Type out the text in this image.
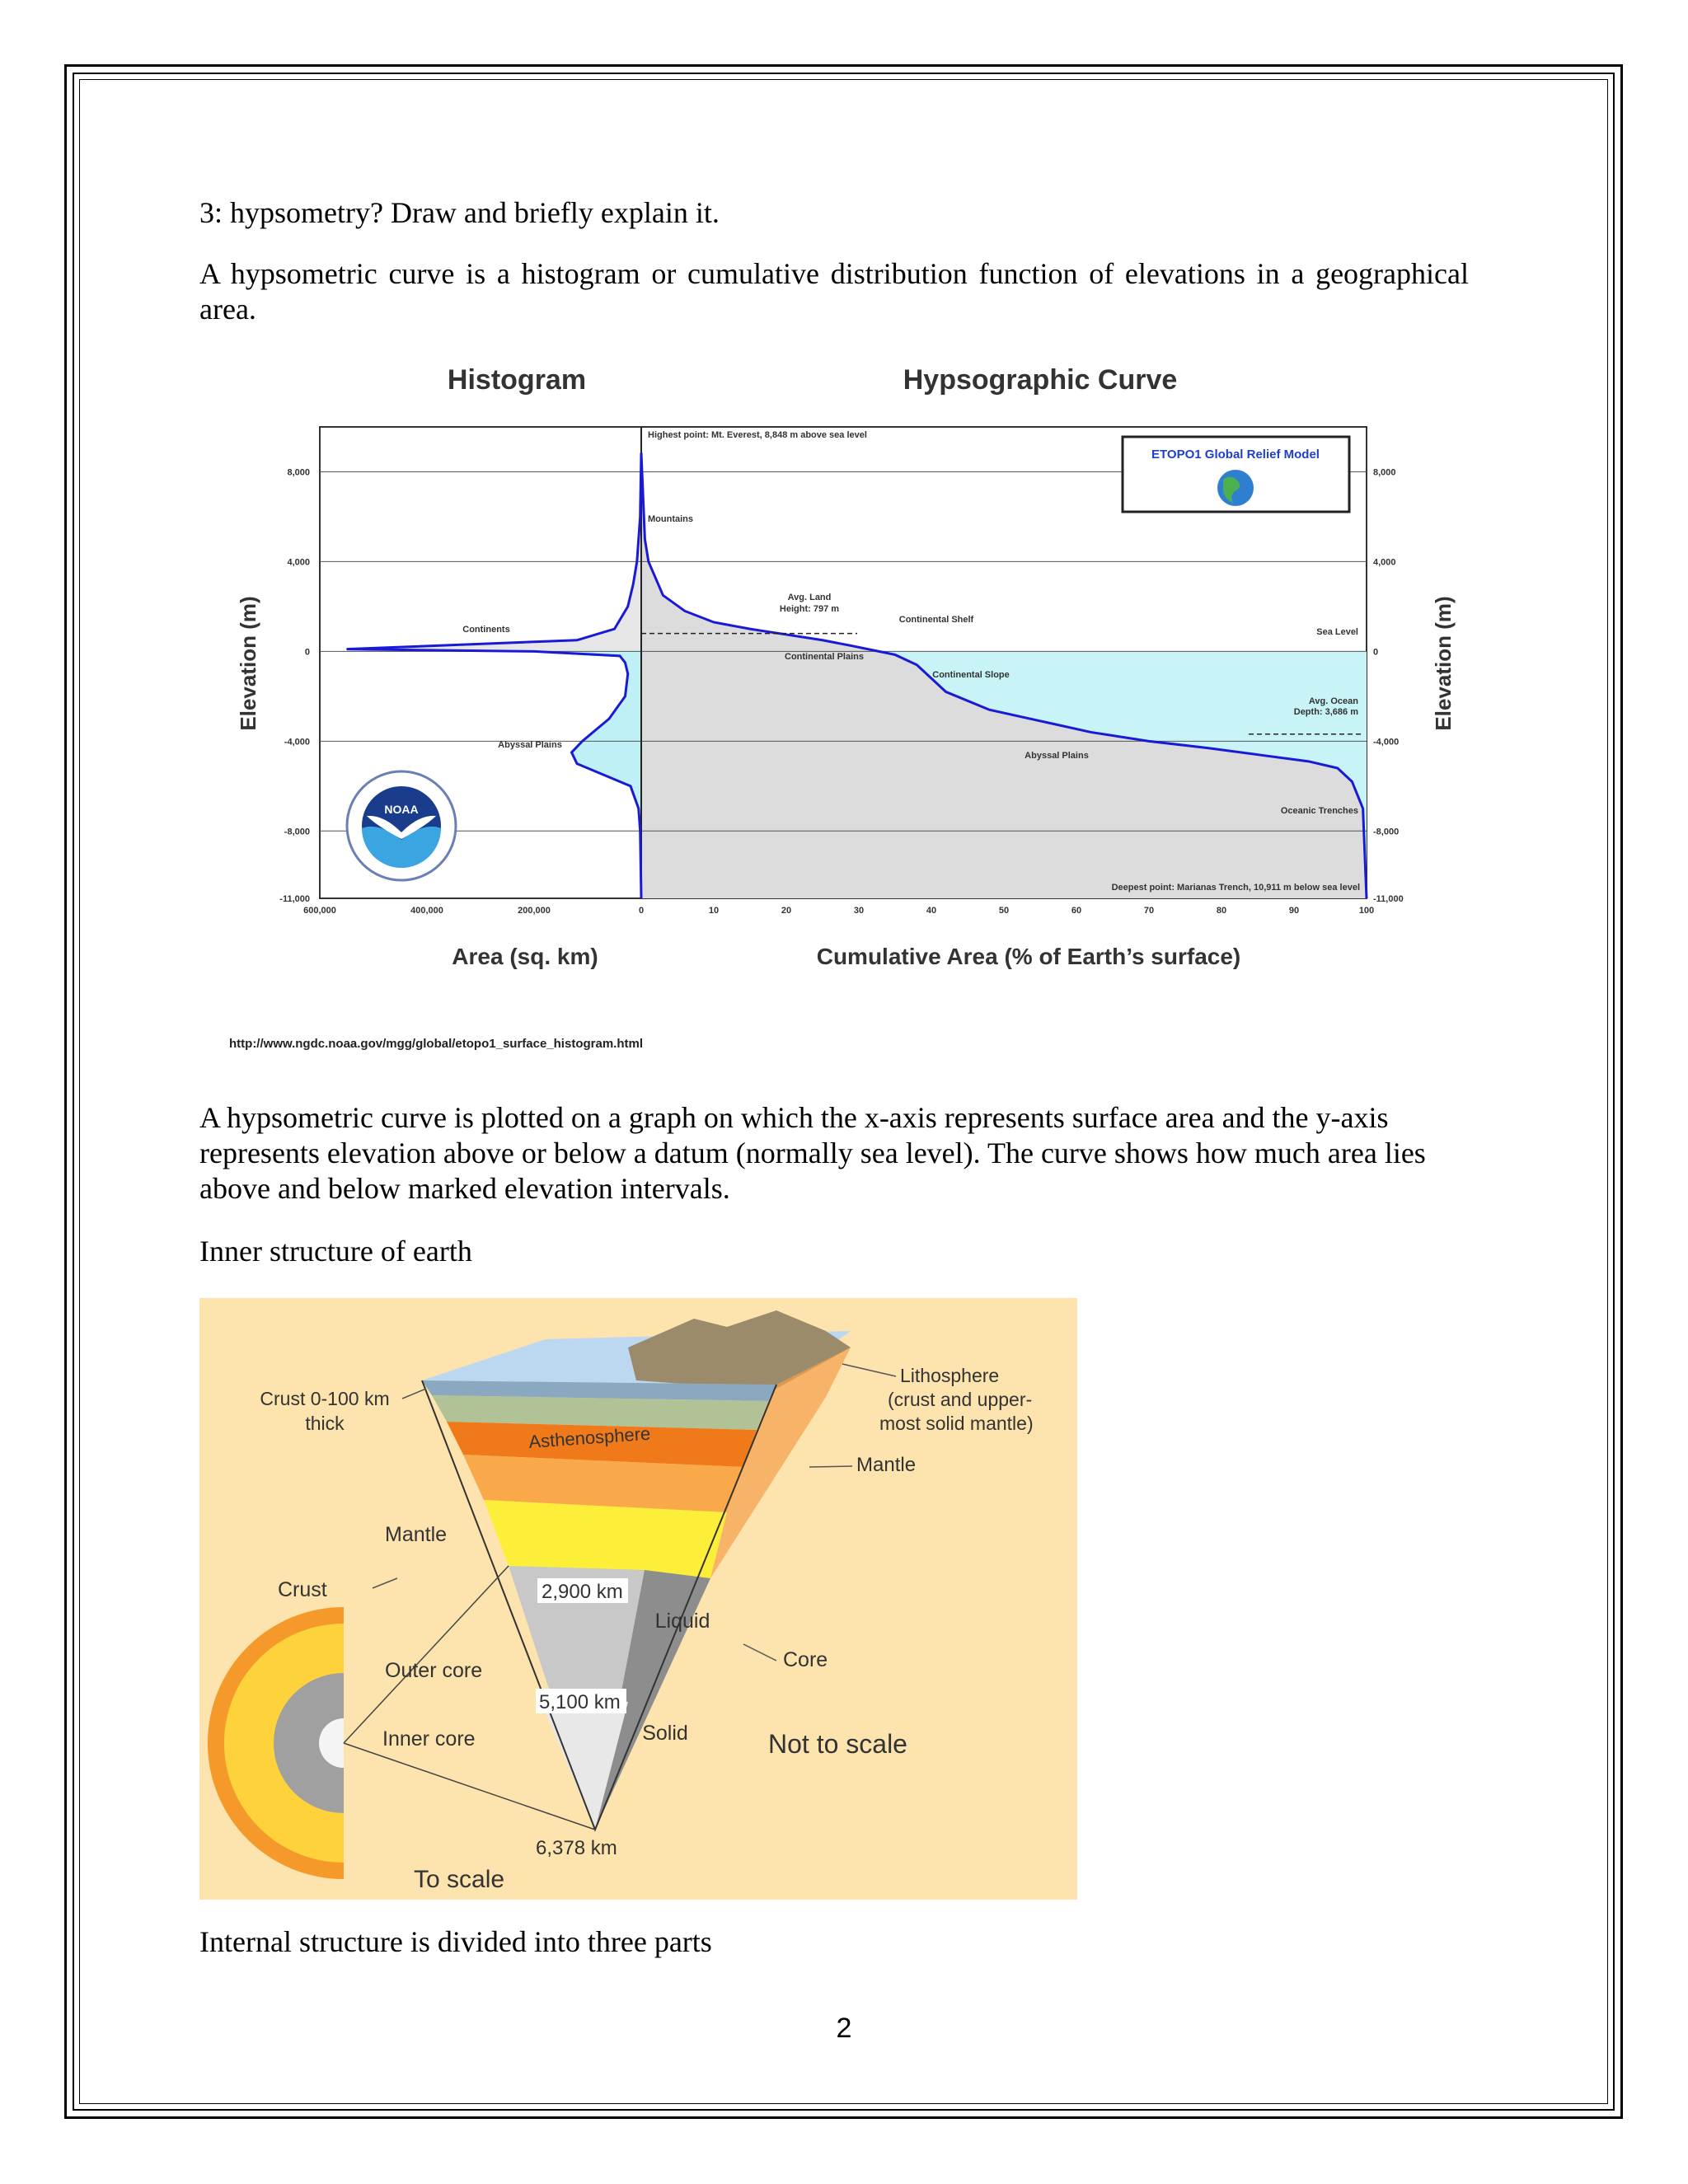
3: hypsometry? Draw and briefly explain it.
A hypsometric curve is a histogram or cumulative distribution function of elevations in a geographical area.
Histogram	Hypsographic Curve
8,000	8,000
4,000	4,000
0	0
-4,000	-4,000
-8,000	-8,000
-11,000	-11,000
600,000	400,000	200,000	0	10	20	30	40	50	60	70	80	90	100
Highest point: Mt. Everest, 8,848 m above sea level
Deepest point: Marianas Trench, 10,911 m below sea level
Mountains
Avg. Land
Height: 797 m
Continents
Continental Shelf
Continental Plains
Continental Slope
Sea Level
Avg. Ocean
Depth: 3,686 m
Abyssal Plains
Abyssal Plains
Oceanic Trenches
ETOPO1 Global Relief Model
NOAA
Elevation (m)	Elevation (m)
Area (sq. km)	Cumulative Area (% of Earth’s surface)
http://www.ngdc.noaa.gov/mgg/global/etopo1_surface_histogram.html
A hypsometric curve is plotted on a graph on which the x-axis represents surface area and the y-axis represents elevation above or below a datum (normally sea level). The curve shows how much area lies above and below marked elevation intervals.
Inner structure of earth
Crust 0-100 km
thick	Asthenosphere
Lithosphere
(crust and upper-
most solid mantle)
Mantle
Mantle
Crust	2,900 km
Liquid
Core
Outer core
5,100 km
Inner core	Solid	Not to scale
6,378 km
To scale
Internal structure is divided into three parts
2
